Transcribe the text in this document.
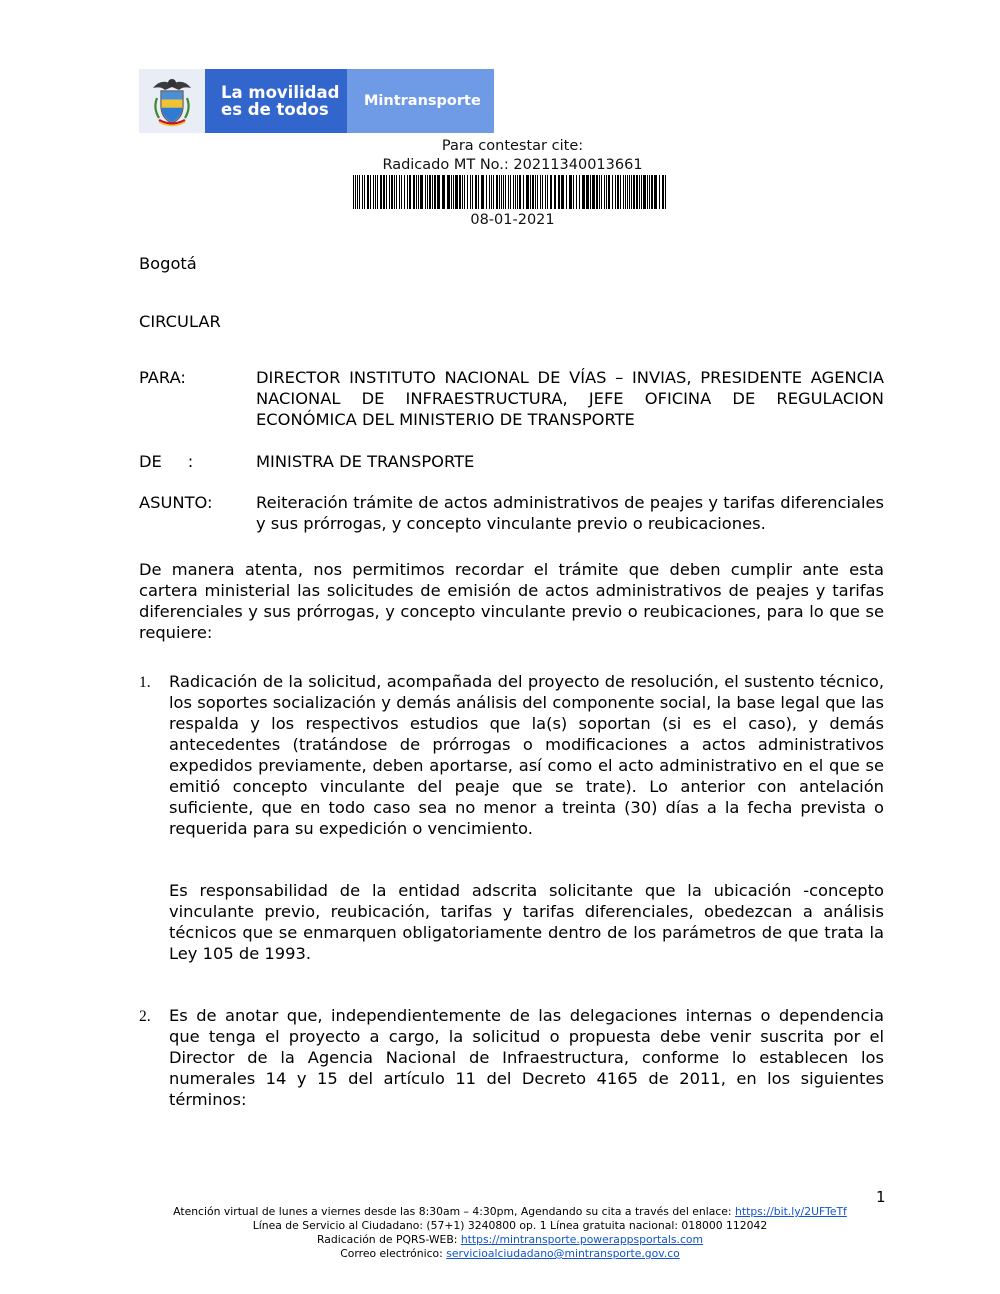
La movilidad
es de todos	Mintransporte
Para contestar cite:
Radicado MT No.: 20211340013661
08-01-2021
Bogotá
CIRCULAR
PARA:	DIRECTOR INSTITUTO NACIONAL DE VÍAS – INVIAS, PRESIDENTE AGENCIA NACIONAL DE INFRAESTRUCTURA, JEFE OFICINA DE REGULACION ECONÓMICA DEL MINISTERIO DE TRANSPORTE
DE     :	MINISTRA DE TRANSPORTE
ASUNTO:	Reiteración trámite de actos administrativos de peajes y tarifas diferenciales y sus prórrogas, y concepto vinculante previo o reubicaciones.
De manera atenta, nos permitimos recordar el trámite que deben cumplir ante esta cartera ministerial las solicitudes de emisión de actos administrativos de peajes y tarifas diferenciales y sus prórrogas, y concepto vinculante previo o reubicaciones, para lo que se requiere:
1. Radicación de la solicitud, acompañada del proyecto de resolución, el sustento técnico, los soportes socialización y demás análisis del componente social, la base legal que las respalda y los respectivos estudios que la(s) soportan (si es el caso), y demás antecedentes (tratándose de prórrogas o modificaciones a actos administrativos expedidos previamente, deben aportarse, así como el acto administrativo en el que se emitió concepto vinculante del peaje que se trate). Lo anterior con antelación suficiente, que en todo caso sea no menor a treinta (30) días a la fecha prevista o requerida para su expedición o vencimiento.
Es responsabilidad de la entidad adscrita solicitante que la ubicación -concepto vinculante previo, reubicación, tarifas y tarifas diferenciales, obedezcan a análisis técnicos que se enmarquen obligatoriamente dentro de los parámetros de que trata la Ley 105 de 1993.
2. Es de anotar que, independientemente de las delegaciones internas o dependencia que tenga el proyecto a cargo, la solicitud o propuesta debe venir suscrita por el Director de la Agencia Nacional de Infraestructura, conforme lo establecen los numerales 14 y 15 del artículo 11 del Decreto 4165 de 2011, en los siguientes términos:
1
Atención virtual de lunes a viernes desde las 8:30am – 4:30pm, Agendando su cita a través del enlace: https://bit.ly/2UFTeTf
Línea de Servicio al Ciudadano: (57+1) 3240800 op. 1 Línea gratuita nacional: 018000 112042
Radicación de PQRS-WEB: https://mintransporte.powerappsportals.com
Correo electrónico: servicioalciudadano@mintransporte.gov.co
